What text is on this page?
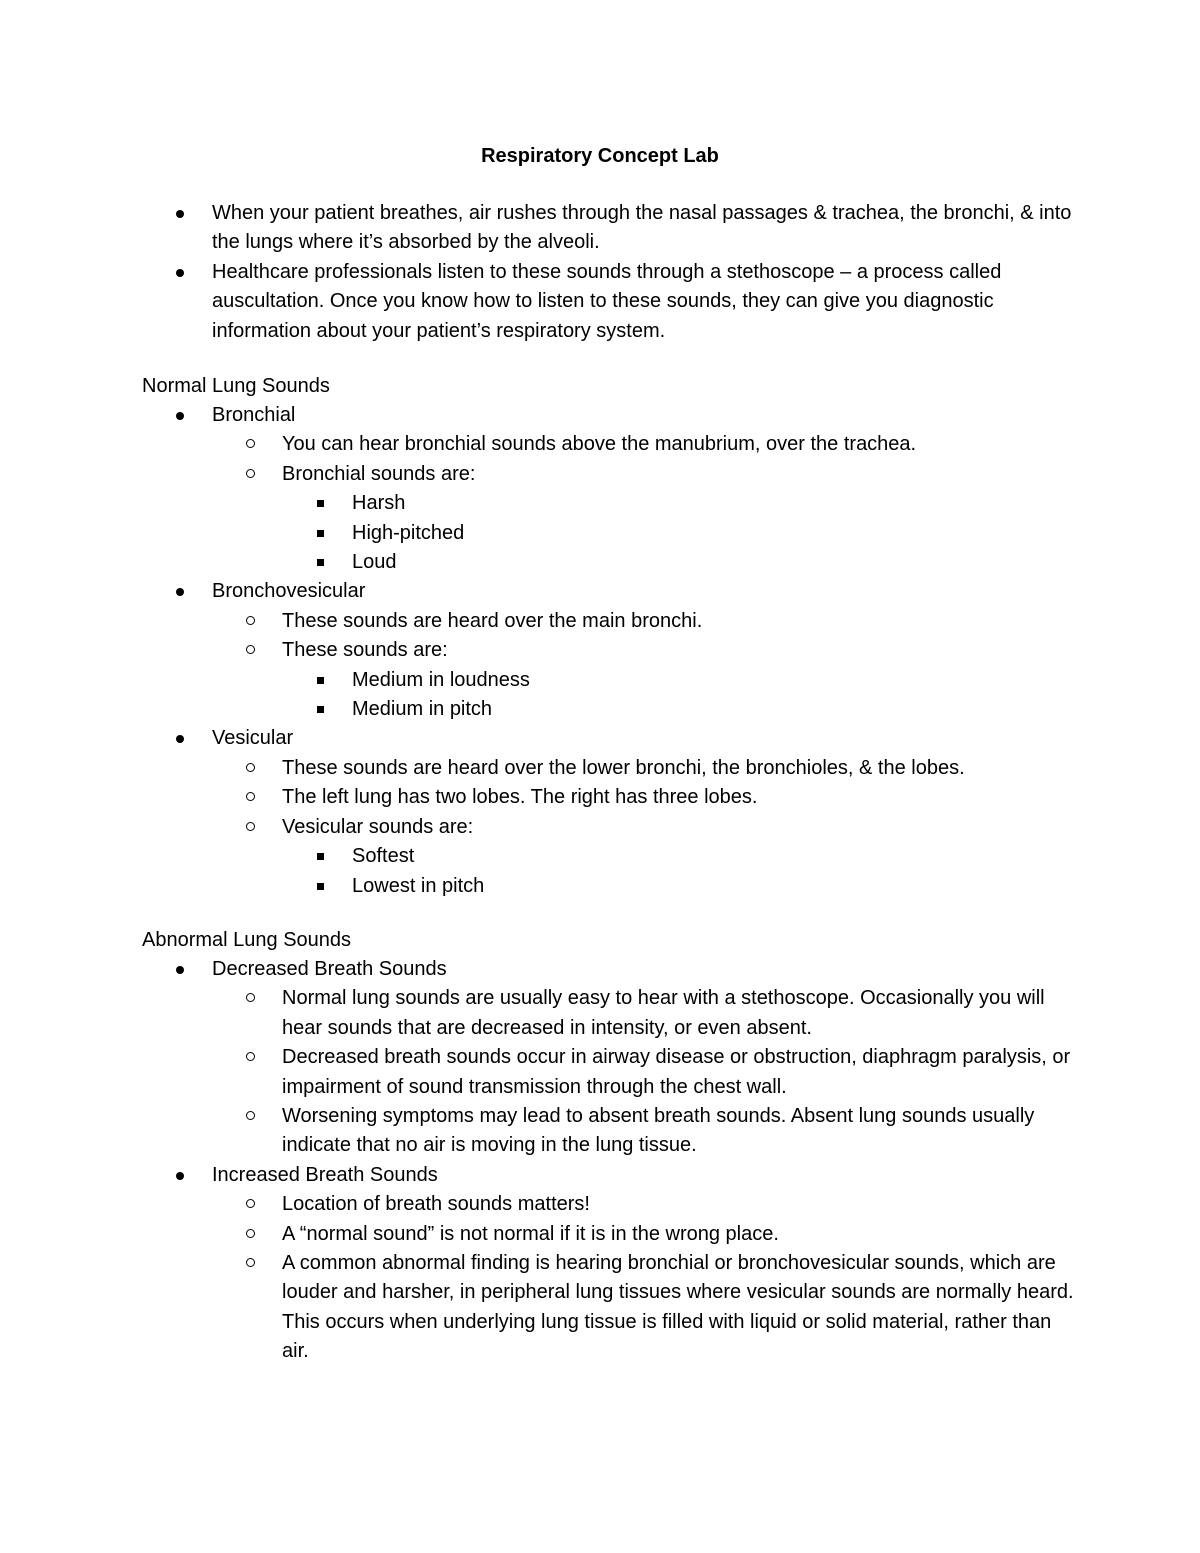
Respiratory Concept Lab
When your patient breathes, air rushes through the nasal passages & trachea, the bronchi, & into the lungs where it’s absorbed by the alveoli.
Healthcare professionals listen to these sounds through a stethoscope – a process called auscultation. Once you know how to listen to these sounds, they can give you diagnostic information about your patient’s respiratory system.
Normal Lung Sounds
Bronchial
You can hear bronchial sounds above the manubrium, over the trachea.
Bronchial sounds are:
Harsh
High-pitched
Loud
Bronchovesicular
These sounds are heard over the main bronchi.
These sounds are:
Medium in loudness
Medium in pitch
Vesicular
These sounds are heard over the lower bronchi, the bronchioles, & the lobes.
The left lung has two lobes. The right has three lobes.
Vesicular sounds are:
Softest
Lowest in pitch
Abnormal Lung Sounds
Decreased Breath Sounds
Normal lung sounds are usually easy to hear with a stethoscope. Occasionally you will hear sounds that are decreased in intensity, or even absent.
Decreased breath sounds occur in airway disease or obstruction, diaphragm paralysis, or impairment of sound transmission through the chest wall.
Worsening symptoms may lead to absent breath sounds. Absent lung sounds usually indicate that no air is moving in the lung tissue.
Increased Breath Sounds
Location of breath sounds matters!
A “normal sound” is not normal if it is in the wrong place.
A common abnormal finding is hearing bronchial or bronchovesicular sounds, which are louder and harsher, in peripheral lung tissues where vesicular sounds are normally heard. This occurs when underlying lung tissue is filled with liquid or solid material, rather than air.
